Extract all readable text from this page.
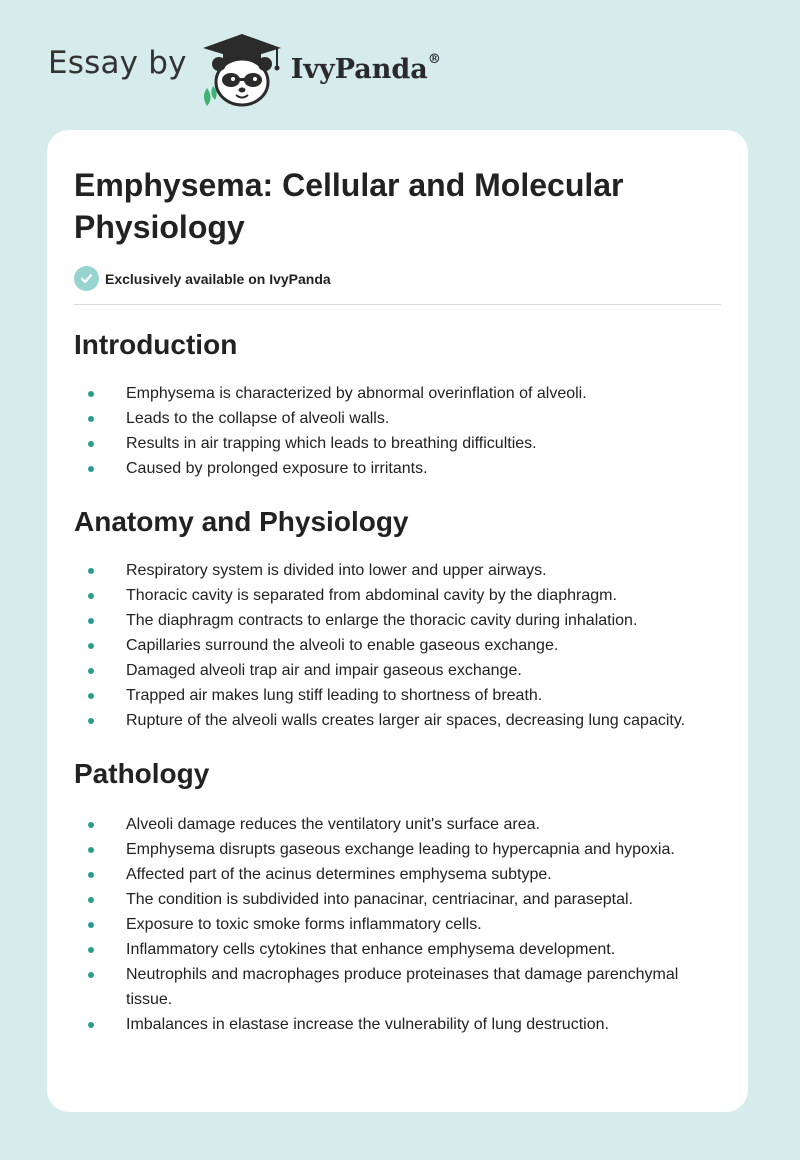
Essay by	IvyPanda®
Emphysema: Cellular and Molecular Physiology
Exclusively available on IvyPanda
Introduction
Emphysema is characterized by abnormal overinflation of alveoli.
Leads to the collapse of alveoli walls.
Results in air trapping which leads to breathing difficulties.
Caused by prolonged exposure to irritants.
Anatomy and Physiology
Respiratory system is divided into lower and upper airways.
Thoracic cavity is separated from abdominal cavity by the diaphragm.
The diaphragm contracts to enlarge the thoracic cavity during inhalation.
Capillaries surround the alveoli to enable gaseous exchange.
Damaged alveoli trap air and impair gaseous exchange.
Trapped air makes lung stiff leading to shortness of breath.
Rupture of the alveoli walls creates larger air spaces, decreasing lung capacity.
Pathology
Alveoli damage reduces the ventilatory unit's surface area.
Emphysema disrupts gaseous exchange leading to hypercapnia and hypoxia.
Affected part of the acinus determines emphysema subtype.
The condition is subdivided into panacinar, centriacinar, and paraseptal.
Exposure to toxic smoke forms inflammatory cells.
Inflammatory cells cytokines that enhance emphysema development.
Neutrophils and macrophages produce proteinases that damage parenchymal tissue.
Imbalances in elastase increase the vulnerability of lung destruction.
